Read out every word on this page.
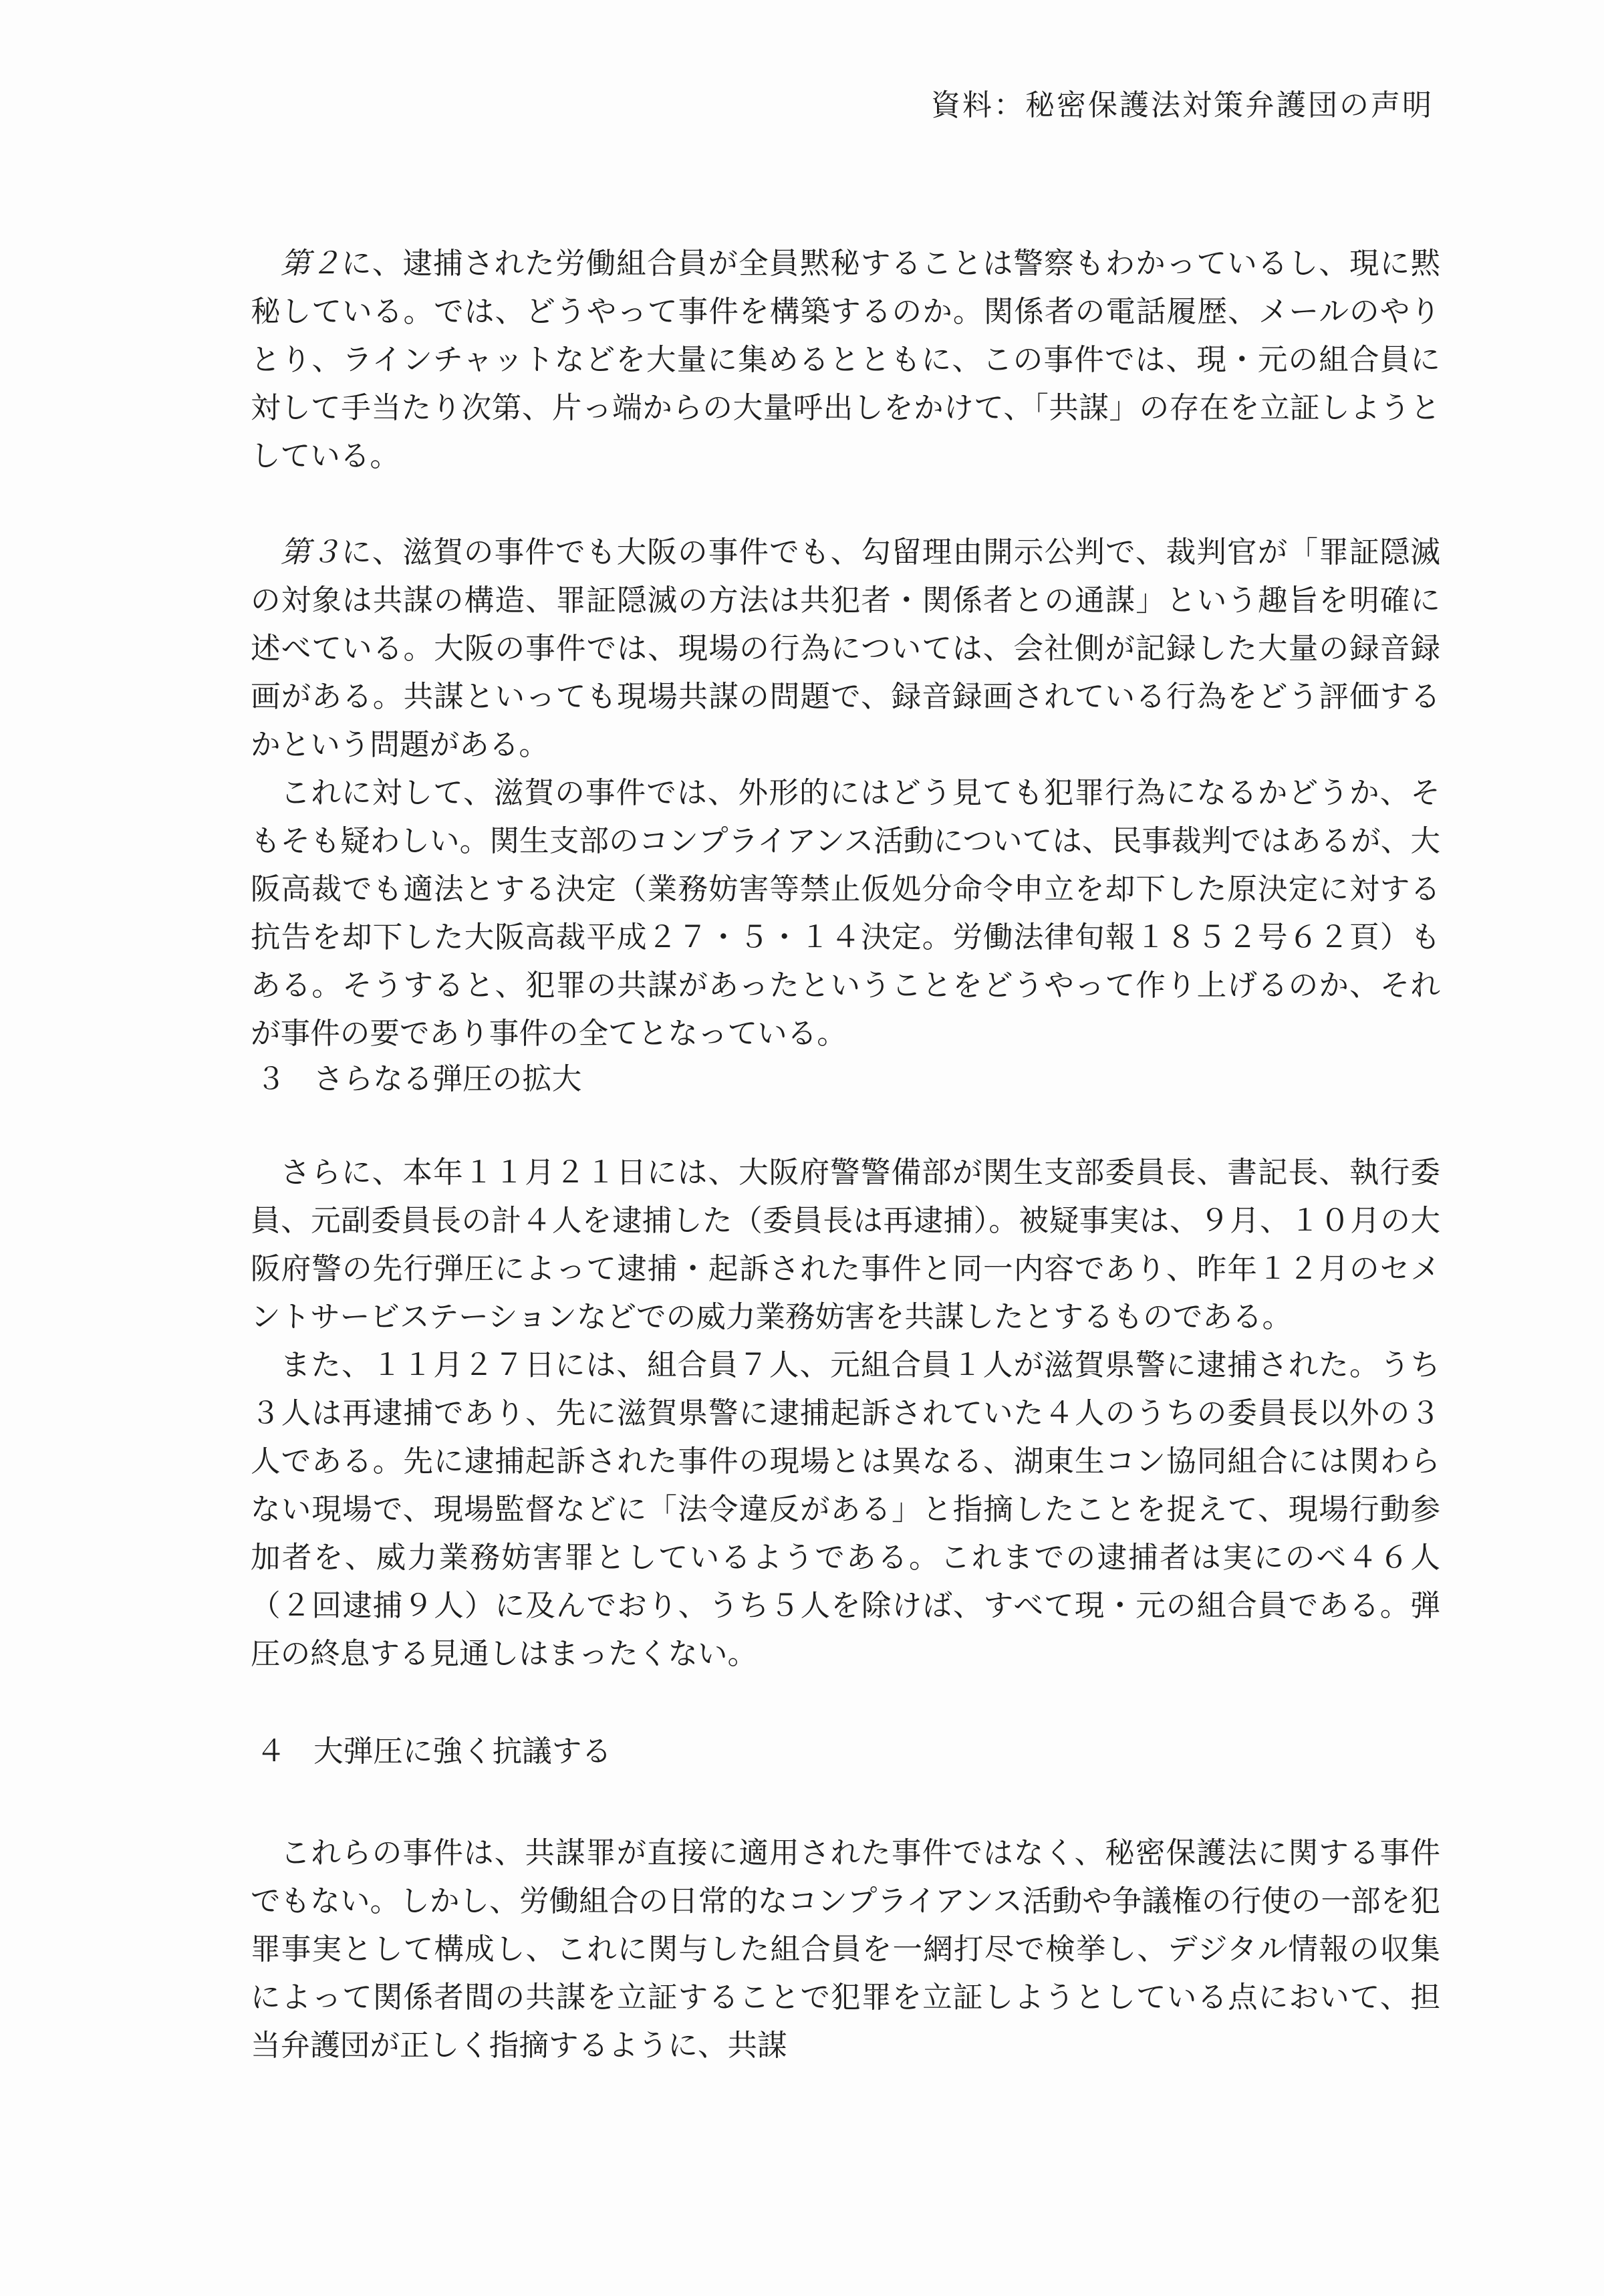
資料：秘密保護法対策弁護団の声明

第２に、逮捕された労働組合員が全員黙秘することは警察もわかっているし、現に黙秘している。では、どうやって事件を構築するのか。関係者の電話履歴、メールのやりとり、ラインチャットなどを大量に集めるとともに、この事件では、現・元の組合員に対して手当たり次第、片っ端からの大量呼出しをかけて、「共謀」の存在を立証しようとしている。

第３に、滋賀の事件でも大阪の事件でも、勾留理由開示公判で、裁判官が「罪証隠滅の対象は共謀の構造、罪証隠滅の方法は共犯者・関係者との通謀」という趣旨を明確に述べている。大阪の事件では、現場の行為については、会社側が記録した大量の録音録画がある。共謀といっても現場共謀の問題で、録音録画されている行為をどう評価するかという問題がある。

これに対して、滋賀の事件では、外形的にはどう見ても犯罪行為になるかどうか、そもそも疑わしい。関生支部のコンプライアンス活動については、民事裁判ではあるが、大阪高裁でも適法とする決定（業務妨害等禁止仮処分命令申立を却下した原決定に対する抗告を却下した大阪高裁平成２７・５・１４決定。労働法律旬報１８５２号６２頁）もある。そうすると、犯罪の共謀があったということをどうやって作り上げるのか、それが事件の要であり事件の全てとなっている。

３ さらなる弾圧の拡大

さらに、本年１１月２１日には、大阪府警警備部が関生支部委員長、書記長、執行委員、元副委員長の計４人を逮捕した（委員長は再逮捕）。被疑事実は、９月、１０月の大阪府警の先行弾圧によって逮捕・起訴された事件と同一内容であり、昨年１２月のセメントサービステーションなどでの威力業務妨害を共謀したとするものである。

また、１１月２７日には、組合員７人、元組合員１人が滋賀県警に逮捕された。うち３人は再逮捕であり、先に滋賀県警に逮捕起訴されていた４人のうちの委員長以外の３人である。先に逮捕起訴された事件の現場とは異なる、湖東生コン協同組合には関わらない現場で、現場監督などに「法令違反がある」と指摘したことを捉えて、現場行動参加者を、威力業務妨害罪としているようである。これまでの逮捕者は実にのべ４６人（２回逮捕９人）に及んでおり、うち５人を除けば、すべて現・元の組合員である。弾圧の終息する見通しはまったくない。

４ 大弾圧に強く抗議する

これらの事件は、共謀罪が直接に適用された事件ではなく、秘密保護法に関する事件でもない。しかし、労働組合の日常的なコンプライアンス活動や争議権の行使の一部を犯罪事実として構成し、これに関与した組合員を一網打尽で検挙し、デジタル情報の収集によって関係者間の共謀を立証することで犯罪を立証しようとしている点において、担当弁護団が正しく指摘するように、共謀
